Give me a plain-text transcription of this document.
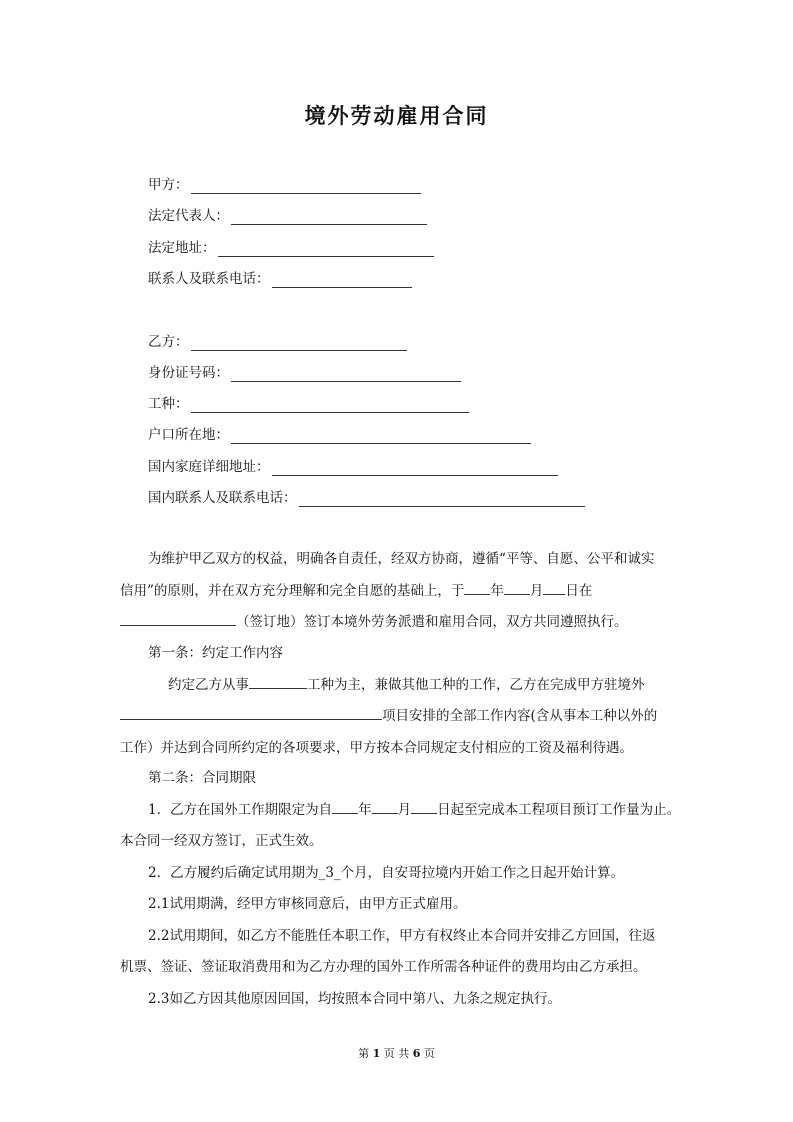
境外劳动雇用合同
甲方：
法定代表人：
法定地址：
联系人及联系电话：
乙方：
身份证号码：
工种：
户口所在地：
国内家庭详细地址：
国内联系人及联系电话：
为维护甲乙双方的权益，明确各自责任，经双方协商，遵循“平等、自愿、公平和诚实
信用”的原则，并在双方充分理解和完全自愿的基础上，于 年 月 日在
（签订地）签订本境外劳务派遣和雇用合同，双方共同遵照执行。
第一条：约定工作内容
约定乙方从事	工种为主，兼做其他工种的工作，乙方在完成甲方驻境外
项目安排的全部工作内容(含从事本工种以外的
工作）并达到合同所约定的各项要求，甲方按本合同规定支付相应的工资及福利待遇。
第二条：合同期限
1．乙方在国外工作期限定为自 年 月 日起至完成本工程项目预订工作量为止。
本合同一经双方签订，正式生效。
2．乙方履约后确定试用期为_3_个月，自安哥拉境内开始工作之日起开始计算。
2.1试用期满，经甲方审核同意后，由甲方正式雇用。
2.2试用期间，如乙方不能胜任本职工作，甲方有权终止本合同并安排乙方回国，往返
机票、签证、签证取消费用和为乙方办理的国外工作所需各种证件的费用均由乙方承担。
2.3如乙方因其他原因回国，均按照本合同中第八、九条之规定执行。
第 1 页 共 6 页
